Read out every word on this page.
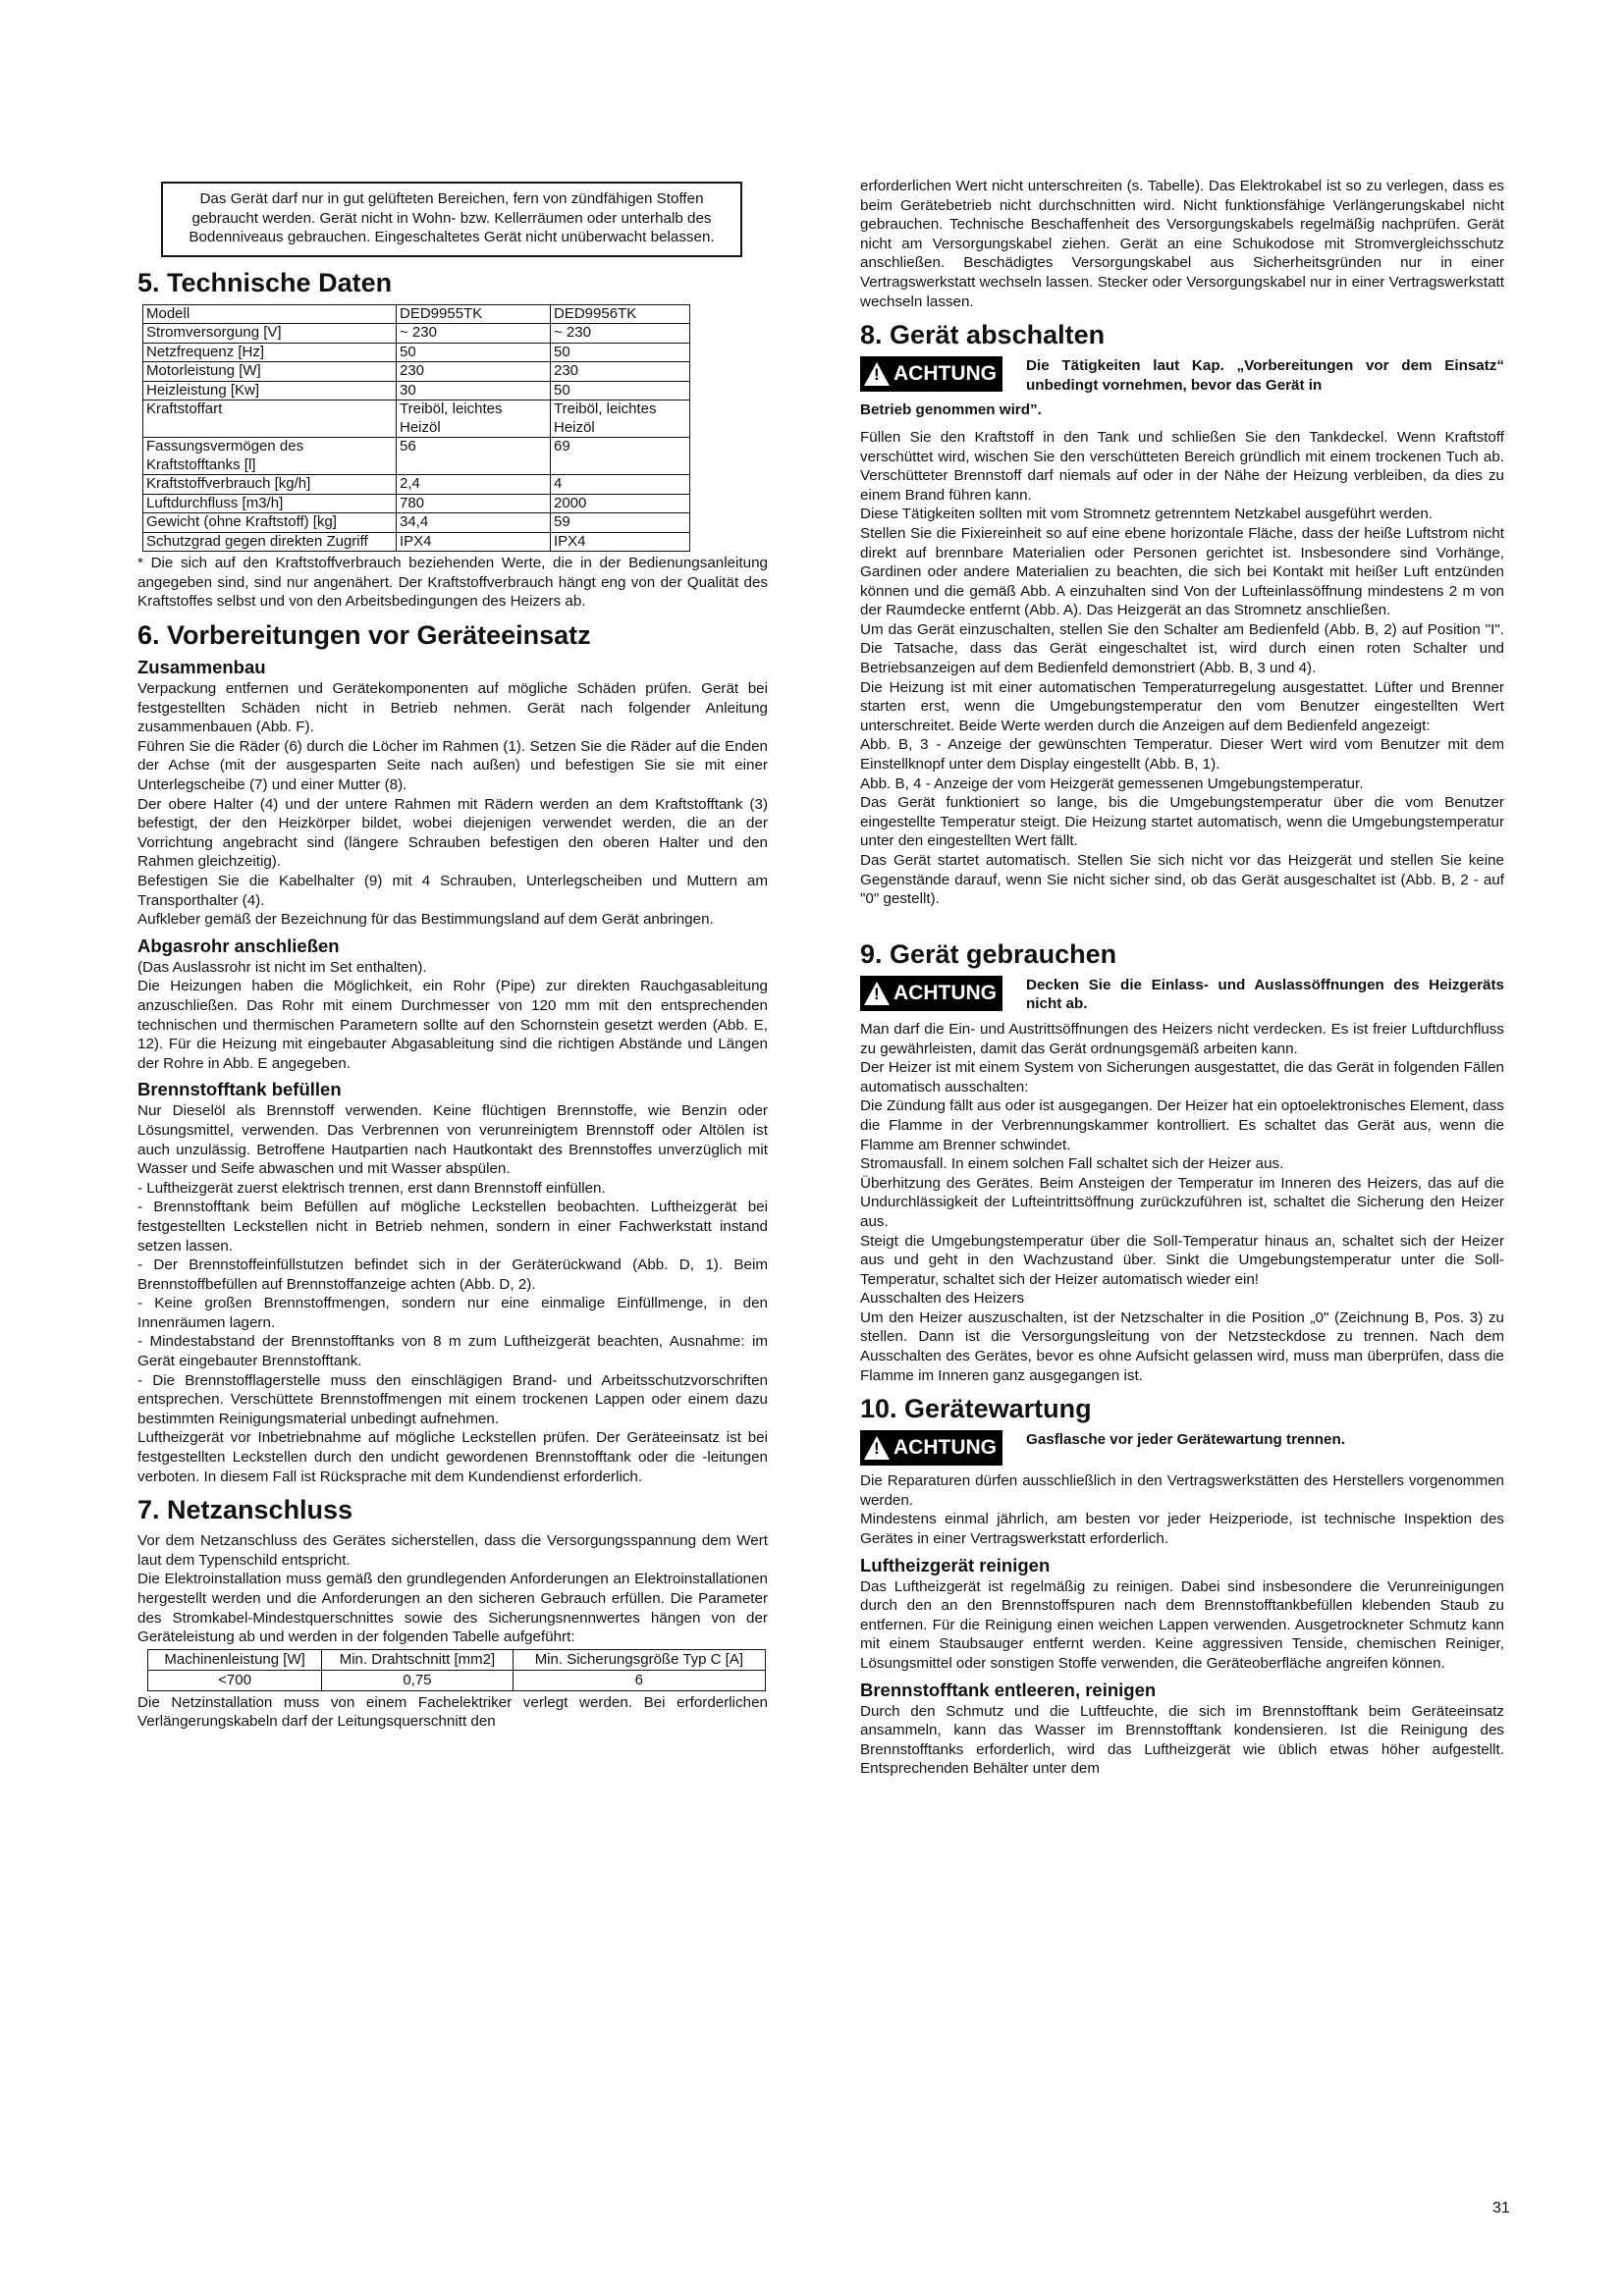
Das Gerät darf nur in gut gelüfteten Bereichen, fern von zündfähigen Stoffen gebraucht werden. Gerät nicht in Wohn- bzw. Kellerräumen oder unterhalb des Bodenniveaus gebrauchen. Eingeschaltetes Gerät nicht unüberwacht belassen.

5. Technische Daten
Modell	DED9955TK	DED9956TK
Stromversorgung [V]	~ 230	~ 230
Netzfrequenz [Hz]	50	50
Motorleistung [W]	230	230
Heizleistung [Kw]	30	50
Kraftstoffart	Treiböl, leichtes Heizöl	Treiböl, leichtes Heizöl
Fassungsvermögen des Kraftstofftanks [l]	56	69
Kraftstoffverbrauch [kg/h]	2,4	4
Luftdurchfluss [m3/h]	780	2000
Gewicht (ohne Kraftstoff) [kg]	34,4	59
Schutzgrad gegen direkten Zugriff	IPX4	IPX4

* Die sich auf den Kraftstoffverbrauch beziehenden Werte, die in der Bedienungsanleitung angegeben sind, sind nur angenähert. Der Kraftstoffverbrauch hängt eng von der Qualität des Kraftstoffes selbst und von den Arbeitsbedingungen des Heizers ab.

6. Vorbereitungen vor Geräteeinsatz
Zusammenbau

Verpackung entfernen und Gerätekomponenten auf mögliche Schäden prüfen. Gerät bei festgestellten Schäden nicht in Betrieb nehmen. Gerät nach folgender Anleitung zusammenbauen (Abb. F).

Führen Sie die Räder (6) durch die Löcher im Rahmen (1). Setzen Sie die Räder auf die Enden der Achse (mit der ausgesparten Seite nach außen) und befestigen Sie sie mit einer Unterlegscheibe (7) und einer Mutter (8).

Der obere Halter (4) und der untere Rahmen mit Rädern werden an dem Kraftstofftank (3) befestigt, der den Heizkörper bildet, wobei diejenigen verwendet werden, die an der Vorrichtung angebracht sind (längere Schrauben befestigen den oberen Halter und den Rahmen gleichzeitig).

Befestigen Sie die Kabelhalter (9) mit 4 Schrauben, Unterlegscheiben und Muttern am Transporthalter (4).

Aufkleber gemäß der Bezeichnung für das Bestimmungsland auf dem Gerät anbringen.

Abgasrohr anschließen

(Das Auslassrohr ist nicht im Set enthalten).

Die Heizungen haben die Möglichkeit, ein Rohr (Pipe) zur direkten Rauchgasableitung anzuschließen. Das Rohr mit einem Durchmesser von 120 mm mit den entsprechenden technischen und thermischen Parametern sollte auf den Schornstein gesetzt werden (Abb. E, 12). Für die Heizung mit eingebauter Abgasableitung sind die richtigen Abstände und Längen der Rohre in Abb. E angegeben.

Brennstofftank befüllen

Nur Dieselöl als Brennstoff verwenden. Keine flüchtigen Brennstoffe, wie Benzin oder Lösungsmittel, verwenden. Das Verbrennen von verunreinigtem Brennstoff oder Altölen ist auch unzulässig. Betroffene Hautpartien nach Hautkontakt des Brennstoffes unverzüglich mit Wasser und Seife abwaschen und mit Wasser abspülen.

- Luftheizgerät zuerst elektrisch trennen, erst dann Brennstoff einfüllen.

- Brennstofftank beim Befüllen auf mögliche Leckstellen beobachten. Luftheizgerät bei festgestellten Leckstellen nicht in Betrieb nehmen, sondern in einer Fachwerkstatt instand setzen lassen.

- Der Brennstoffeinfüllstutzen befindet sich in der Geräterückwand (Abb. D, 1). Beim Brennstoffbefüllen auf Brennstoffanzeige achten (Abb. D, 2).

- Keine großen Brennstoffmengen, sondern nur eine einmalige Einfüllmenge, in den Innenräumen lagern.

- Mindestabstand der Brennstofftanks von 8 m zum Luftheizgerät beachten, Ausnahme: im Gerät eingebauter Brennstofftank.

- Die Brennstofflagerstelle muss den einschlägigen Brand- und Arbeitsschutzvorschriften entsprechen. Verschüttete Brennstoffmengen mit einem trockenen Lappen oder einem dazu bestimmten Reinigungsmaterial unbedingt aufnehmen.

Luftheizgerät vor Inbetriebnahme auf mögliche Leckstellen prüfen. Der Geräteeinsatz ist bei festgestellten Leckstellen durch den undicht gewordenen Brennstofftank oder die -leitungen verboten. In diesem Fall ist Rücksprache mit dem Kundendienst erforderlich.

7. Netzanschluss

Vor dem Netzanschluss des Gerätes sicherstellen, dass die Versorgungsspannung dem Wert laut dem Typenschild entspricht.

Die Elektroinstallation muss gemäß den grundlegenden Anforderungen an Elektroinstallationen hergestellt werden und die Anforderungen an den sicheren Gebrauch erfüllen. Die Parameter des Stromkabel-Mindestquerschnittes sowie des Sicherungsnennwertes hängen von der Geräteleistung ab und werden in der folgenden Tabelle aufgeführt:

Machinenleistung [W]	Min. Drahtschnitt [mm2]	Min. Sicherungsgröße Typ C [A]
<700	0,75	6

Die Netzinstallation muss von einem Fachelektriker verlegt werden. Bei erforderlichen Verlängerungskabeln darf der Leitungsquerschnitt den

erforderlichen Wert nicht unterschreiten (s. Tabelle). Das Elektrokabel ist so zu verlegen, dass es beim Gerätebetrieb nicht durchschnitten wird. Nicht funktionsfähige Verlängerungskabel nicht gebrauchen. Technische Beschaffenheit des Versorgungskabels regelmäßig nachprüfen. Gerät nicht am Versorgungskabel ziehen. Gerät an eine Schukodose mit Stromvergleichsschutz anschließen. Beschädigtes Versorgungskabel aus Sicherheitsgründen nur in einer Vertragswerkstatt wechseln lassen. Stecker oder Versorgungskabel nur in einer Vertragswerkstatt wechseln lassen.

8. Gerät abschalten
!
ACHTUNG Die Tätigkeiten laut Kap. „Vorbereitungen vor dem Einsatz“ unbedingt vornehmen, bevor das Gerät in

Betrieb genommen wird”.

Füllen Sie den Kraftstoff in den Tank und schließen Sie den Tankdeckel. Wenn Kraftstoff verschüttet wird, wischen Sie den verschütteten Bereich gründlich mit einem trockenen Tuch ab. Verschütteter Brennstoff darf niemals auf oder in der Nähe der Heizung verbleiben, da dies zu einem Brand führen kann.

Diese Tätigkeiten sollten mit vom Stromnetz getrenntem Netzkabel ausgeführt werden.

Stellen Sie die Fixiereinheit so auf eine ebene horizontale Fläche, dass der heiße Luftstrom nicht direkt auf brennbare Materialien oder Personen gerichtet ist. Insbesondere sind Vorhänge, Gardinen oder andere Materialien zu beachten, die sich bei Kontakt mit heißer Luft entzünden können und die gemäß Abb. A einzuhalten sind Von der Lufteinlassöffnung mindestens 2 m von der Raumdecke entfernt (Abb. A). Das Heizgerät an das Stromnetz anschließen.

Um das Gerät einzuschalten, stellen Sie den Schalter am Bedienfeld (Abb. B, 2) auf Position "I". Die Tatsache, dass das Gerät eingeschaltet ist, wird durch einen roten Schalter und Betriebsanzeigen auf dem Bedienfeld demonstriert (Abb. B, 3 und 4).

Die Heizung ist mit einer automatischen Temperaturregelung ausgestattet. Lüfter und Brenner starten erst, wenn die Umgebungstemperatur den vom Benutzer eingestellten Wert unterschreitet. Beide Werte werden durch die Anzeigen auf dem Bedienfeld angezeigt:

Abb. B, 3 - Anzeige der gewünschten Temperatur. Dieser Wert wird vom Benutzer mit dem Einstellknopf unter dem Display eingestellt (Abb. B, 1).

Abb. B, 4 - Anzeige der vom Heizgerät gemessenen Umgebungstemperatur.

Das Gerät funktioniert so lange, bis die Umgebungstemperatur über die vom Benutzer eingestellte Temperatur steigt. Die Heizung startet automatisch, wenn die Umgebungstemperatur unter den eingestellten Wert fällt.

Das Gerät startet automatisch. Stellen Sie sich nicht vor das Heizgerät und stellen Sie keine Gegenstände darauf, wenn Sie nicht sicher sind, ob das Gerät ausgeschaltet ist (Abb. B, 2 - auf "0" gestellt).

9. Gerät gebrauchen
!
ACHTUNG Decken Sie die Einlass- und Auslassöffnungen des Heizgeräts nicht ab.

Man darf die Ein- und Austrittsöffnungen des Heizers nicht verdecken. Es ist freier Luftdurchfluss zu gewährleisten, damit das Gerät ordnungsgemäß arbeiten kann.

Der Heizer ist mit einem System von Sicherungen ausgestattet, die das Gerät in folgenden Fällen automatisch ausschalten:

Die Zündung fällt aus oder ist ausgegangen. Der Heizer hat ein optoelektronisches Element, dass die Flamme in der Verbrennungskammer kontrolliert. Es schaltet das Gerät aus, wenn die Flamme am Brenner schwindet.

Stromausfall. In einem solchen Fall schaltet sich der Heizer aus.

Überhitzung des Gerätes. Beim Ansteigen der Temperatur im Inneren des Heizers, das auf die Undurchlässigkeit der Lufteintrittsöffnung zurückzuführen ist, schaltet die Sicherung den Heizer aus.

Steigt die Umgebungstemperatur über die Soll-Temperatur hinaus an, schaltet sich der Heizer aus und geht in den Wachzustand über. Sinkt die Umgebungstemperatur unter die Soll-Temperatur, schaltet sich der Heizer automatisch wieder ein!

Ausschalten des Heizers

Um den Heizer auszuschalten, ist der Netzschalter in die Position „0" (Zeichnung B, Pos. 3) zu stellen. Dann ist die Versorgungsleitung von der Netzsteckdose zu trennen. Nach dem Ausschalten des Gerätes, bevor es ohne Aufsicht gelassen wird, muss man überprüfen, dass die Flamme im Inneren ganz ausgegangen ist.

10. Gerätewartung
!
ACHTUNG Gasflasche vor jeder Gerätewartung trennen.

Die Reparaturen dürfen ausschließlich in den Vertragswerkstätten des Herstellers vorgenommen werden.

Mindestens einmal jährlich, am besten vor jeder Heizperiode, ist technische Inspektion des Gerätes in einer Vertragswerkstatt erforderlich.

Luftheizgerät reinigen

Das Luftheizgerät ist regelmäßig zu reinigen. Dabei sind insbesondere die Verunreinigungen durch den an den Brennstoffspuren nach dem Brennstofftankbefüllen klebenden Staub zu entfernen. Für die Reinigung einen weichen Lappen verwenden. Ausgetrockneter Schmutz kann mit einem Staubsauger entfernt werden. Keine aggressiven Tenside, chemischen Reiniger, Lösungsmittel oder sonstigen Stoffe verwenden, die Geräteoberfläche angreifen können.

Brennstofftank entleeren, reinigen

Durch den Schmutz und die Luftfeuchte, die sich im Brennstofftank beim Geräteeinsatz ansammeln, kann das Wasser im Brennstofftank kondensieren. Ist die Reinigung des Brennstofftanks erforderlich, wird das Luftheizgerät wie üblich etwas höher aufgestellt. Entsprechenden Behälter unter dem

31
